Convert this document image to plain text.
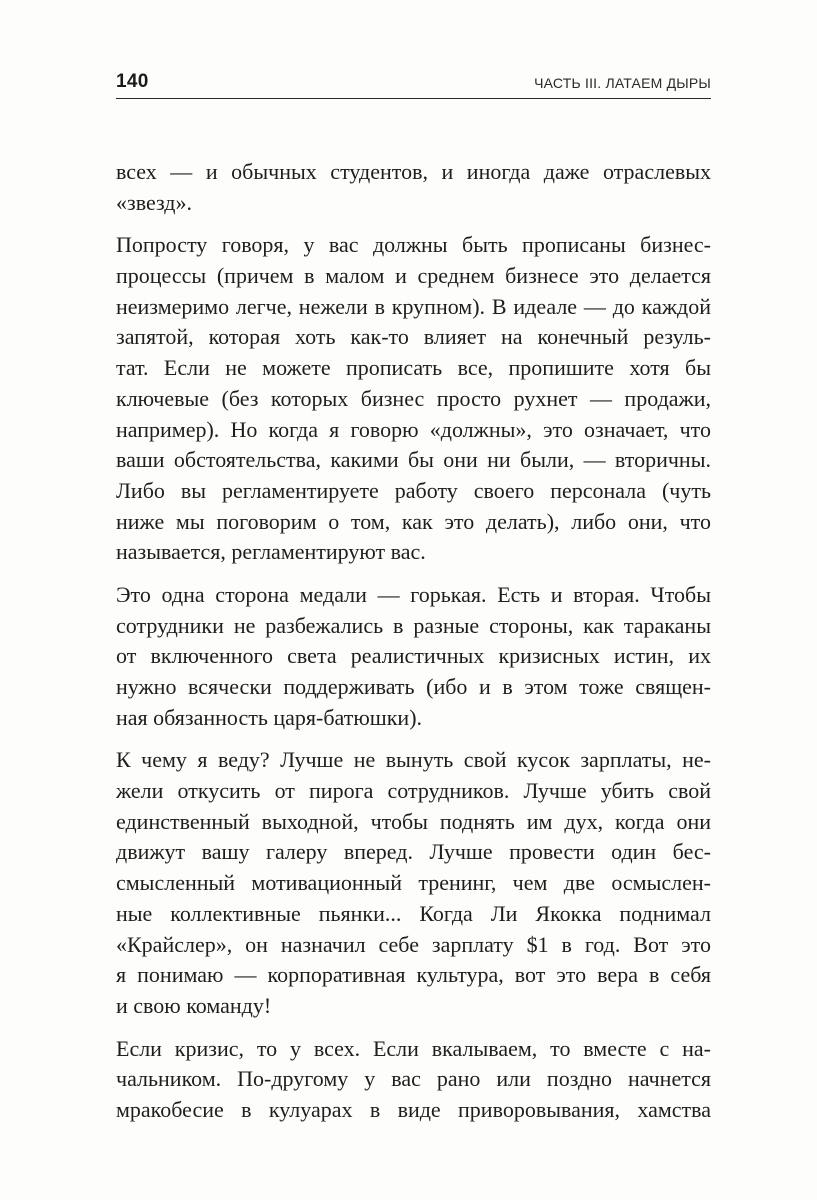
140	ЧАСТЬ III. ЛАТАЕМ ДЫРЫ

всех — и обычных студентов, и иногда даже отраслевых
«звезд».

Попросту говоря, у вас должны быть прописаны бизнес-
процессы (причем в малом и среднем бизнесе это делается
неизмеримо легче, нежели в крупном). В идеале — до каждой
запятой, которая хоть как-то влияет на конечный резуль-
тат. Если не можете прописать все, пропишите хотя бы
ключевые (без которых бизнес просто рухнет — продажи,
например). Но когда я говорю «должны», это означает, что
ваши обстоятельства, какими бы они ни были, — вторичны.
Либо вы регламентируете работу своего персонала (чуть
ниже мы поговорим о том, как это делать), либо они, что
называется, регламентируют вас.

Это одна сторона медали — горькая. Есть и вторая. Чтобы
сотрудники не разбежались в разные стороны, как тараканы
от включенного света реалистичных кризисных истин, их
нужно всячески поддерживать (ибо и в этом тоже священ-
ная обязанность царя-батюшки).

К чему я веду? Лучше не вынуть свой кусок зарплаты, не-
жели откусить от пирога сотрудников. Лучше убить свой
единственный выходной, чтобы поднять им дух, когда они
движут вашу галеру вперед. Лучше провести один бес-
смысленный мотивационный тренинг, чем две осмыслен-
ные коллективные пьянки... Когда Ли Якокка поднимал
«Крайслер», он назначил себе зарплату $1 в год. Вот это
я понимаю — корпоративная культура, вот это вера в себя
и свою команду!

Если кризис, то у всех. Если вкалываем, то вместе с на-
чальником. По-другому у вас рано или поздно начнется
мракобесие в кулуарах в виде приворовывания, хамства
